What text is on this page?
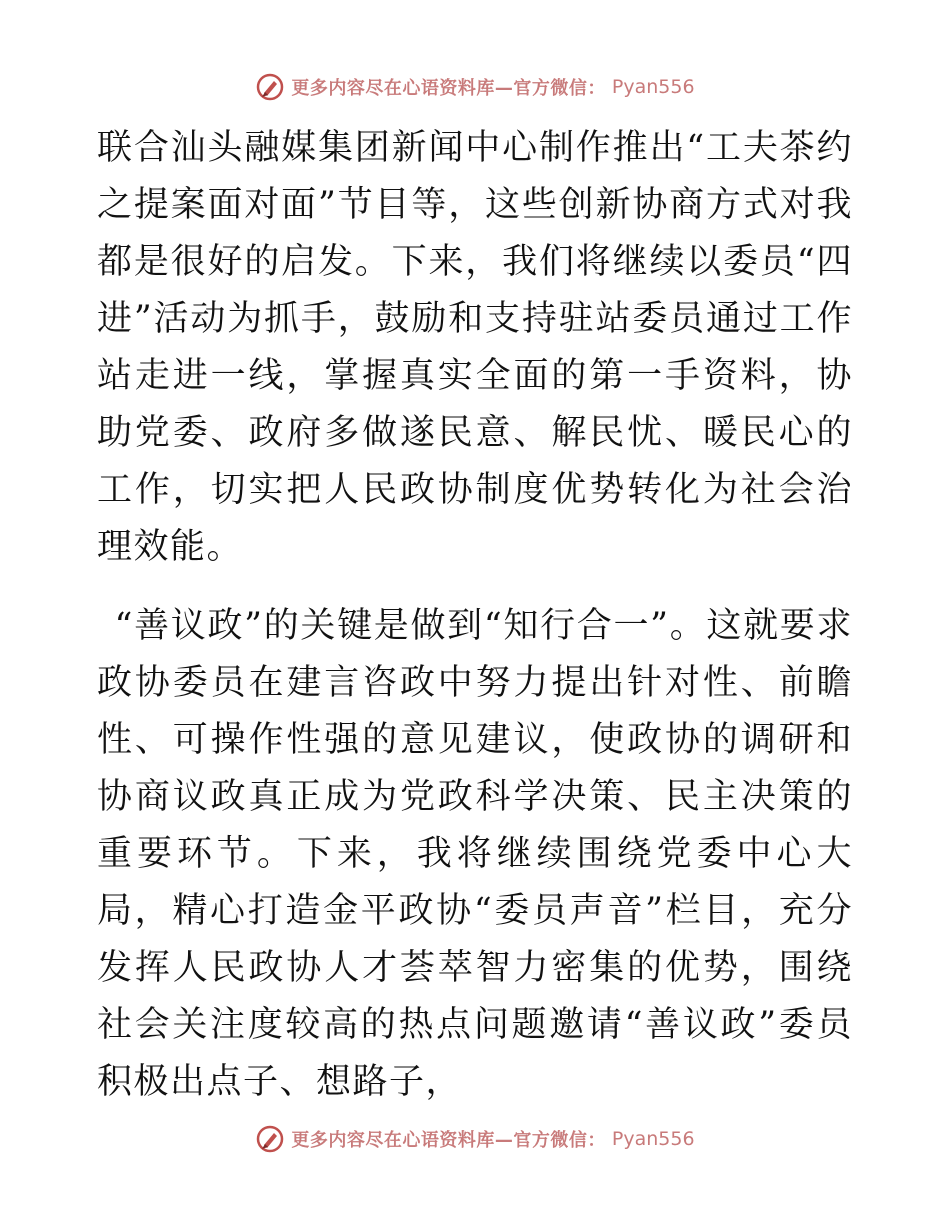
更多内容尽在心语资料库—官方微信： Pyan556

联合汕头融媒集团新闻中心制作推出“工夫茶约之提案面对面”节目等，这些创新协商方式对我都是很好的启发。下来，我们将继续以委员“四进”活动为抓手，鼓励和支持驻站委员通过工作站走进一线，掌握真实全面的第一手资料，协助党委、政府多做遂民意、解民忧、暖民心的工作，切实把人民政协制度优势转化为社会治理效能。

“善议政”的关键是做到“知行合一”。这就要求政协委员在建言咨政中努力提出针对性、前瞻性、可操作性强的意见建议，使政协的调研和协商议政真正成为党政科学决策、民主决策的重要环节。下来，我将继续围绕党委中心大局，精心打造金平政协“委员声音”栏目，充分发挥人民政协人才荟萃智力密集的优势，围绕社会关注度较高的热点问题邀请“善议政”委员积极出点子、想路子，

更多内容尽在心语资料库—官方微信： Pyan556
